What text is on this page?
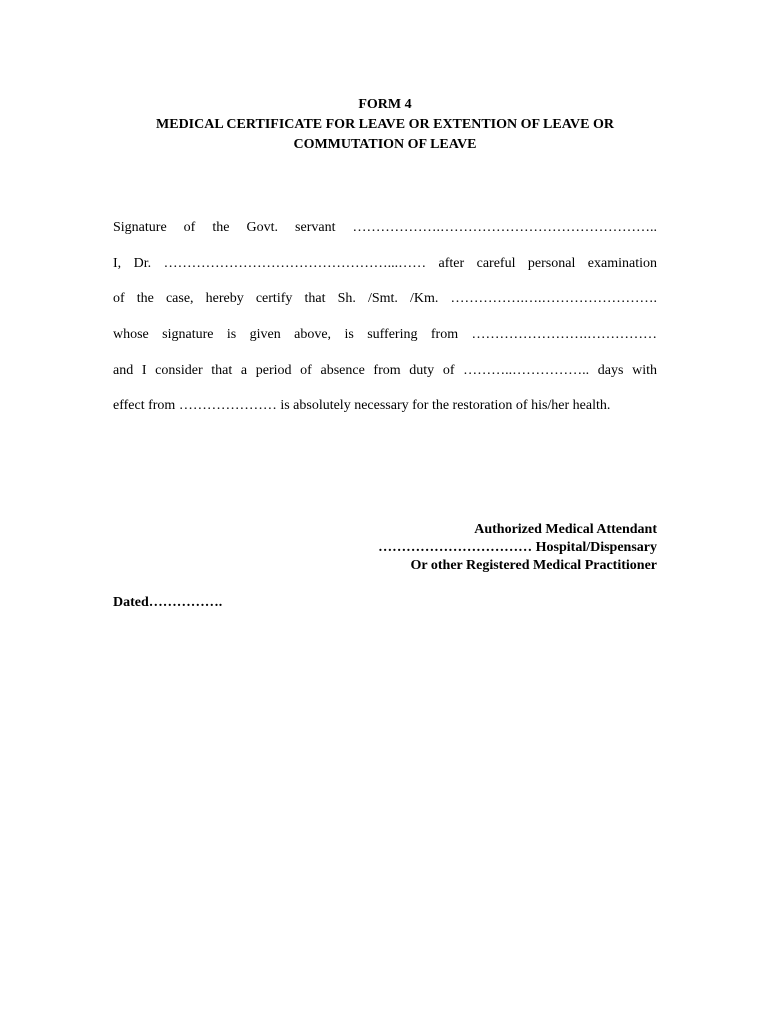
FORM 4
MEDICAL CERTIFICATE FOR LEAVE OR EXTENTION OF LEAVE OR
COMMUTATION OF LEAVE
Signature of the Govt. servant ……………….………………………………………..
I, Dr. …………………………………………...…… after careful personal examination
of the case, hereby certify that Sh. /Smt. /Km. …………….….…………………….
whose signature is given above, is suffering from …………………….……………
and I consider that a period of absence from duty of ………..…………….. days with
effect from ………………… is absolutely necessary for the restoration of his/her health.
Authorized Medical Attendant
…………………………… Hospital/Dispensary
Or other Registered Medical Practitioner
Dated…………….
